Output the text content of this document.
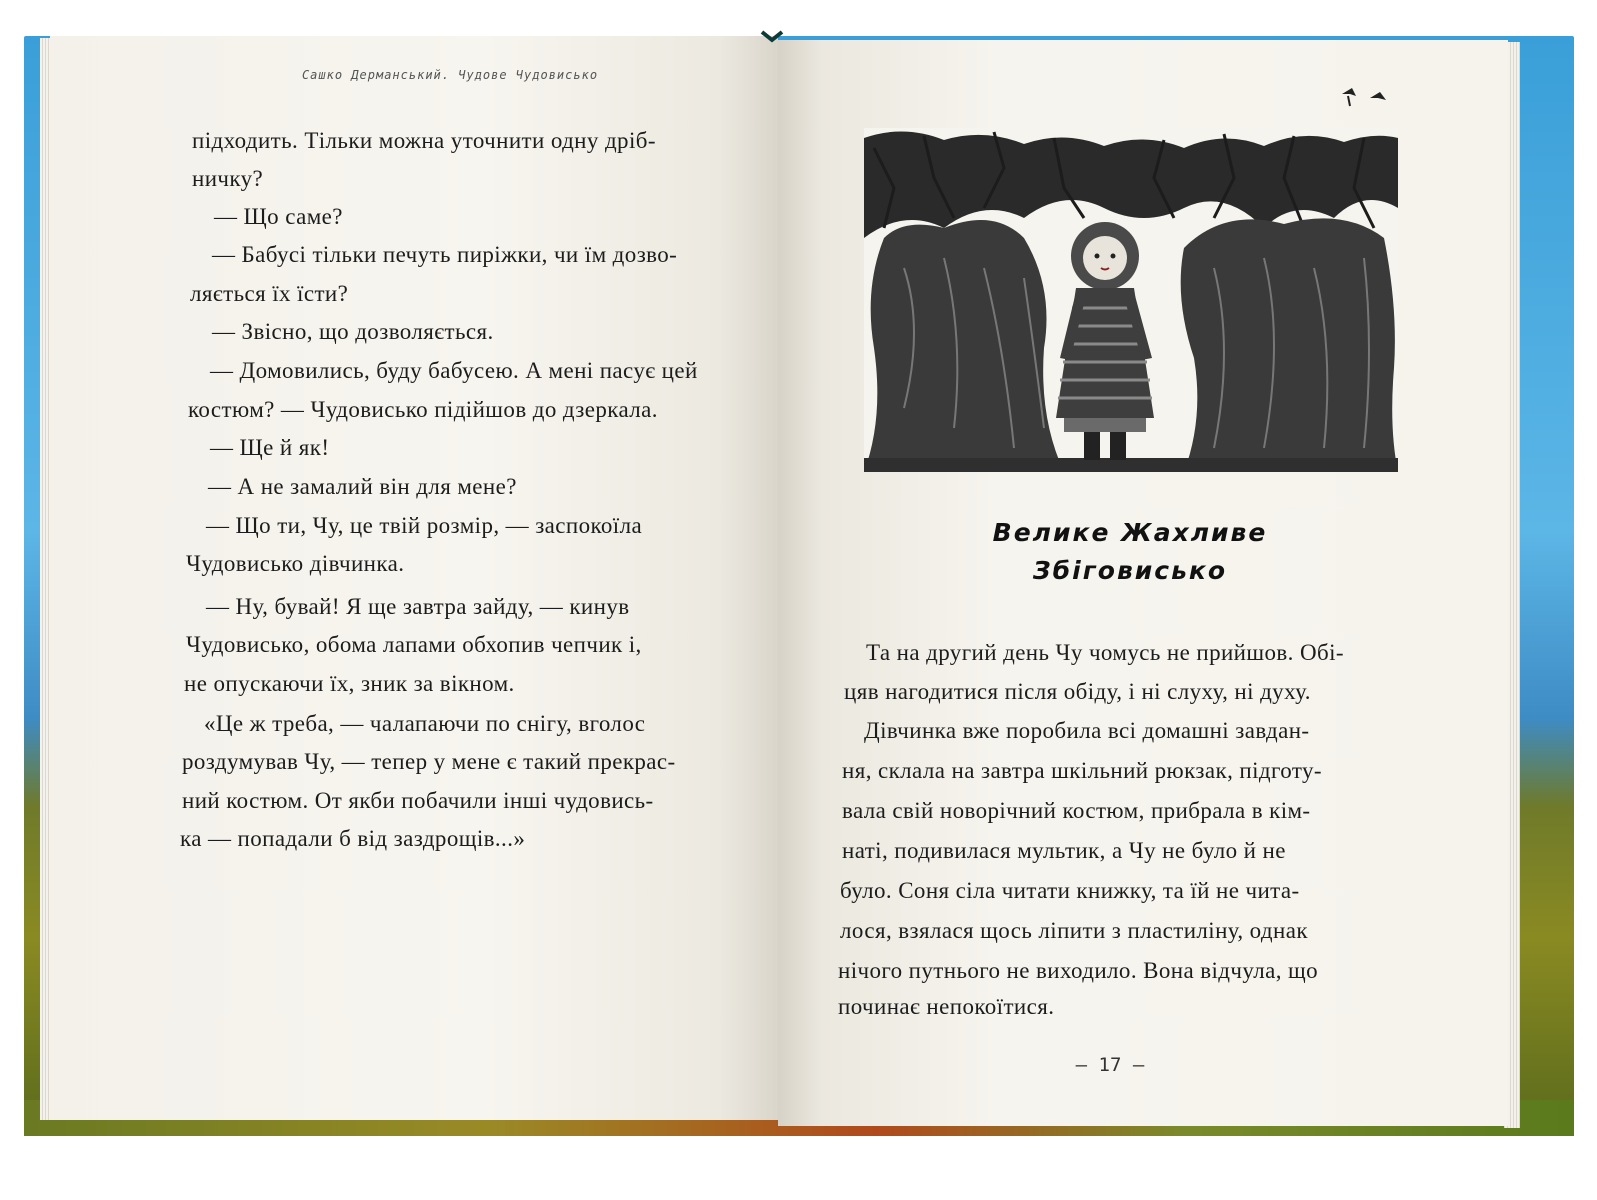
Сашко Дерманський. Чудове Чудовисько
підходить. Тільки можна уточнити одну дріб-
ничку?
— Що саме?
— Бабусі тільки печуть пиріжки, чи їм дозво-
ляється їх їсти?
— Звісно, що дозволяється.
— Домовились, буду бабусею. А мені пасує цей
костюм? — Чудовисько підійшов до дзеркала.
— Ще й як!
— А не замалий він для мене?
— Що ти, Чу, це твій розмір, — заспокоїла
Чудовисько дівчинка.
— Ну, бувай! Я ще завтра зайду, — кинув
Чудовисько, обома лапами обхопив чепчик і,
не опускаючи їх, зник за вікном.
«Це ж треба, — чалапаючи по снігу, вголос
роздумував Чу, — тепер у мене є такий прекрас-
ний костюм. От якби побачили інші чудовись-
ка — попадали б від заздрощів...»
Велике Жахливе
Збіговисько
Та на другий день Чу чомусь не прийшов. Обі-
цяв нагодитися після обіду, і ні слуху, ні духу.
Дівчинка вже поробила всі домашні завдан-
ня, склала на завтра шкільний рюкзак, підготу-
вала свій новорічний костюм, прибрала в кім-
наті, подивилася мультик, а Чу не було й не
було. Соня сіла читати книжку, та їй не чита-
лося, взялася щось ліпити з пластиліну, однак
нічого путнього не виходило. Вона відчула, що
починає непокоїтися.
— 17 —
